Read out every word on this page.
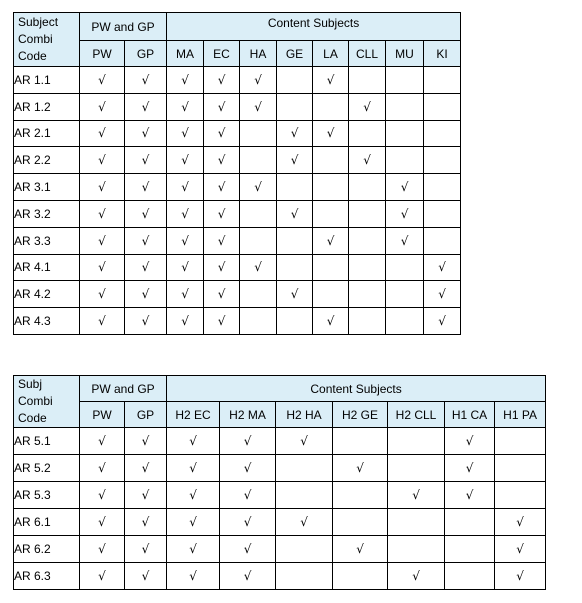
Subject
Combi
Code	PW and GP		Content Subjects							
	PW	GP	MA	EC	HA	GE	LA	CLL	MU	KI
AR 1.1	√	√	√	√	√		√			
AR 1.2	√	√	√	√	√			√		
AR 2.1	√	√	√	√		√	√			
AR 2.2	√	√	√	√		√		√		
AR 3.1	√	√	√	√	√				√	
AR 3.2	√	√	√	√		√			√	
AR 3.3	√	√	√	√			√		√	
AR 4.1	√	√	√	√	√					√
AR 4.2	√	√	√	√		√				√
AR 4.3	√	√	√	√			√			√
Subj
Combi
Code	PW and GP		Content Subjects						
	PW	GP	H2 EC	H2 MA	H2 HA	H2 GE	H2 CLL	H1 CA	H1 PA
AR 5.1	√	√	√	√	√			√	
AR 5.2	√	√	√	√		√		√	
AR 5.3	√	√	√	√			√	√	
AR 6.1	√	√	√	√	√				√
AR 6.2	√	√	√	√		√			√
AR 6.3	√	√	√	√			√		√
